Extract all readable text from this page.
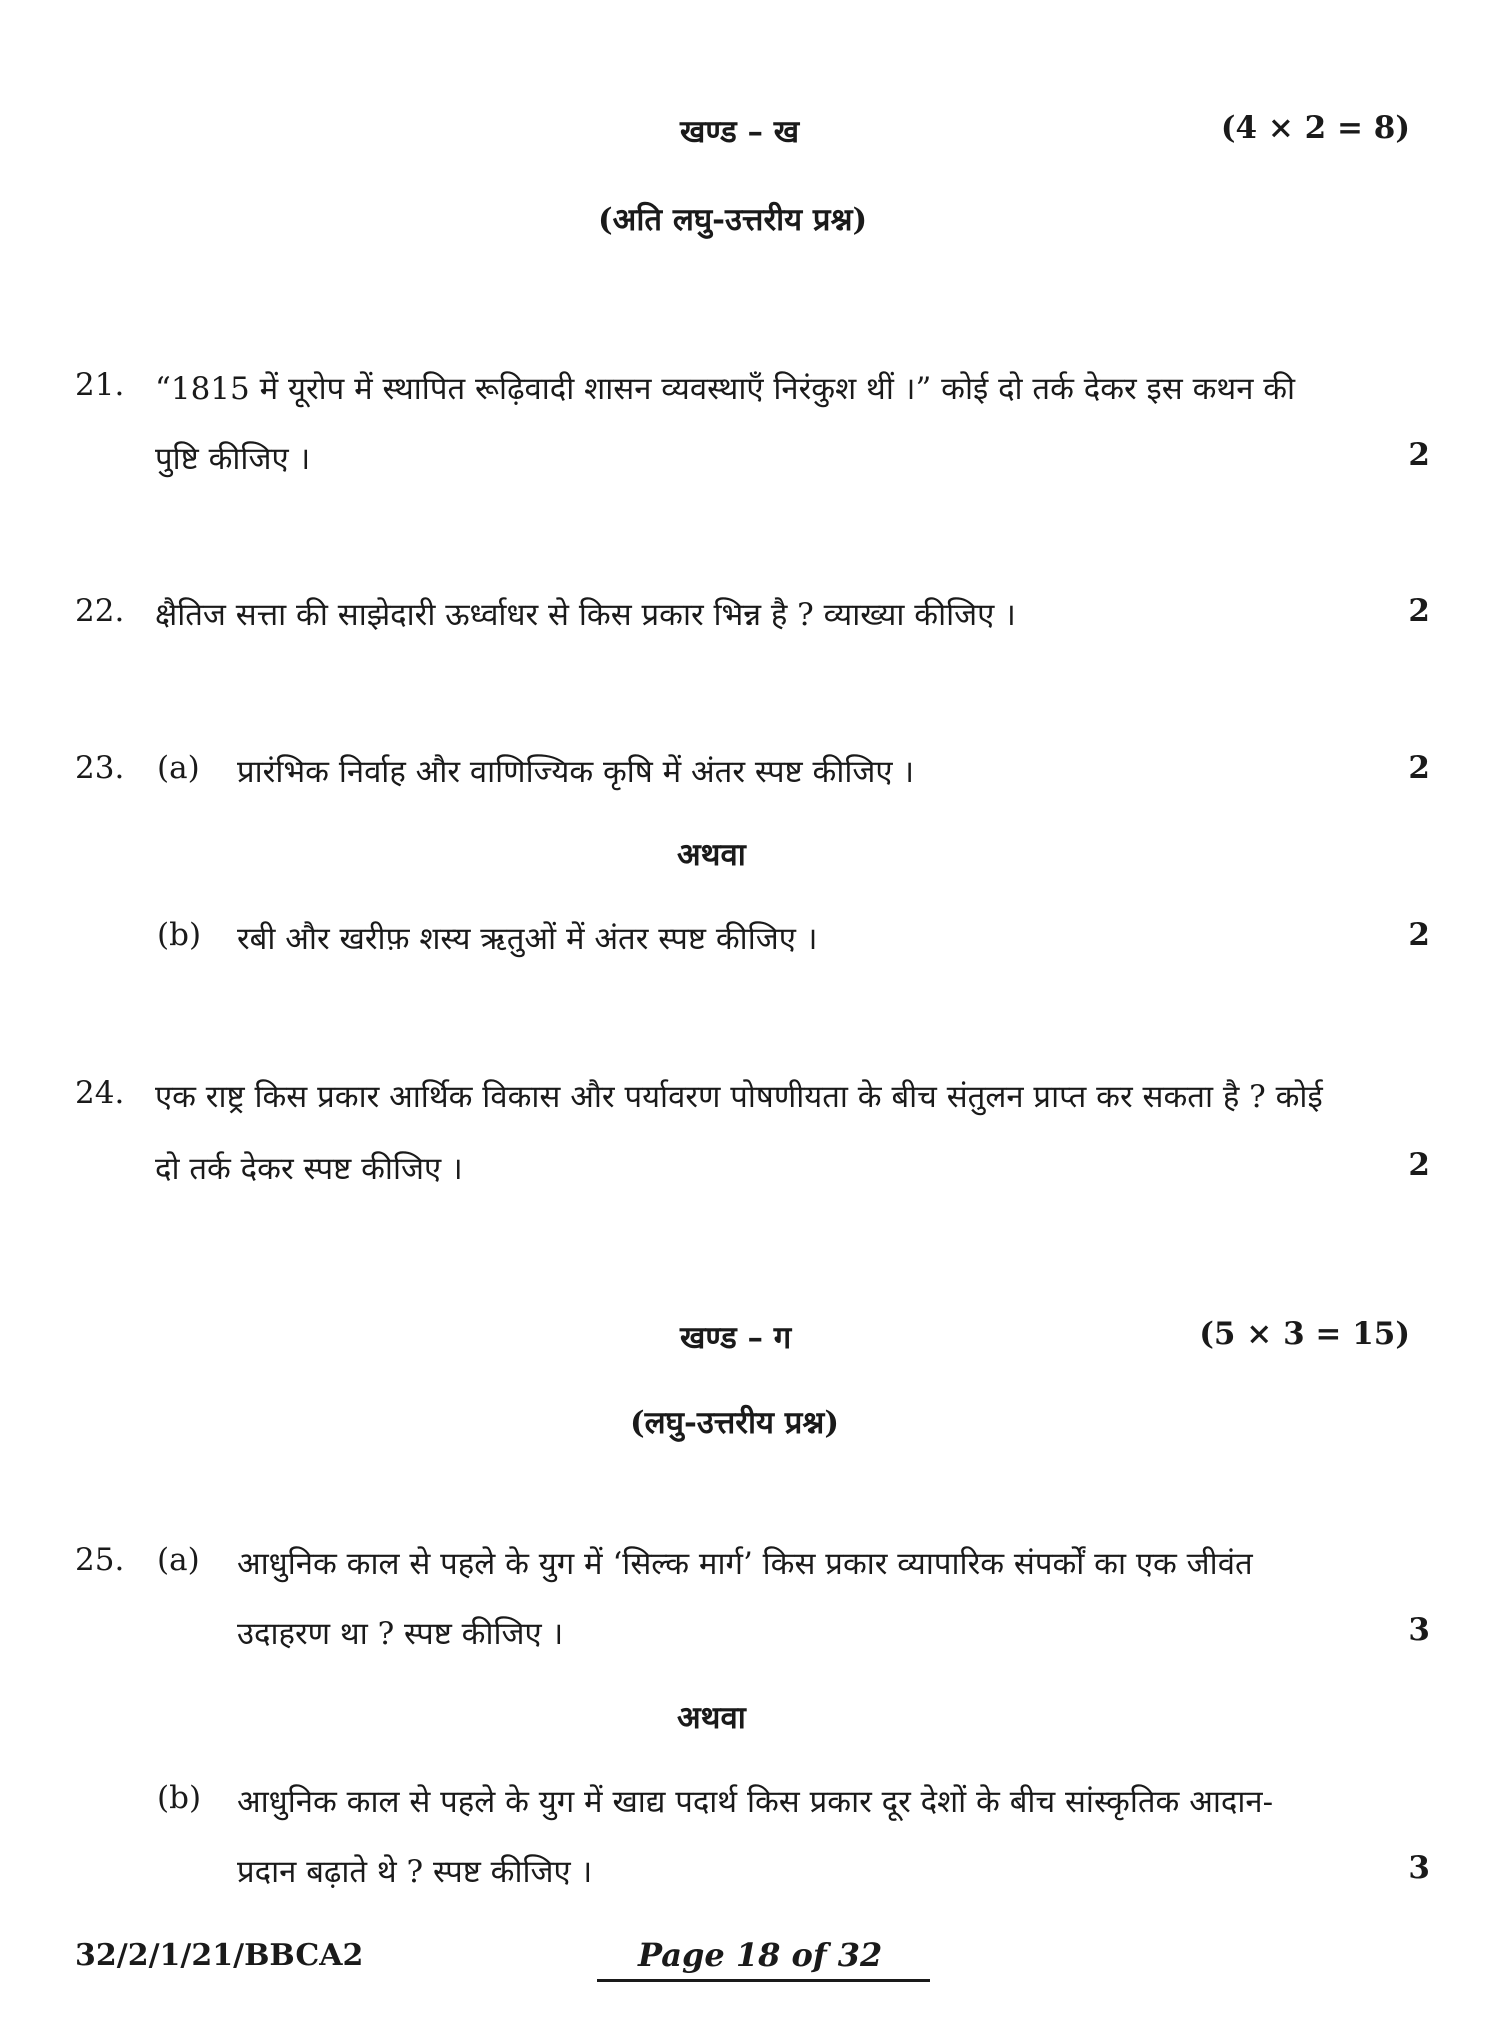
खण्ड – ख	(4 × 2 = 8)
(अति लघु-उत्तरीय प्रश्न)
21. “1815 में यूरोप में स्थापित रूढ़िवादी शासन व्यवस्थाएँ निरंकुश थीं ।” कोई दो तर्क देकर इस कथन की
पुष्टि कीजिए ।	2
22. क्षैतिज सत्ता की साझेदारी ऊर्ध्वाधर से किस प्रकार भिन्न है ? व्याख्या कीजिए ।	2
23. (a) प्रारंभिक निर्वाह और वाणिज्यिक कृषि में अंतर स्पष्ट कीजिए ।	2
अथवा
(b) रबी और खरीफ़ शस्य ऋतुओं में अंतर स्पष्ट कीजिए ।	2
24. एक राष्ट्र किस प्रकार आर्थिक विकास और पर्यावरण पोषणीयता के बीच संतुलन प्राप्त कर सकता है ? कोई
दो तर्क देकर स्पष्ट कीजिए ।	2
खण्ड – ग	(5 × 3 = 15)
(लघु-उत्तरीय प्रश्न)
25. (a) आधुनिक काल से पहले के युग में ‘सिल्क मार्ग’ किस प्रकार व्यापारिक संपर्कों का एक जीवंत
उदाहरण था ? स्पष्ट कीजिए ।	3
अथवा
(b) आधुनिक काल से पहले के युग में खाद्य पदार्थ किस प्रकार दूर देशों के बीच सांस्कृतिक आदान-
प्रदान बढ़ाते थे ? स्पष्ट कीजिए ।	3
32/2/1/21/BBCA2	Page 18 of 32
